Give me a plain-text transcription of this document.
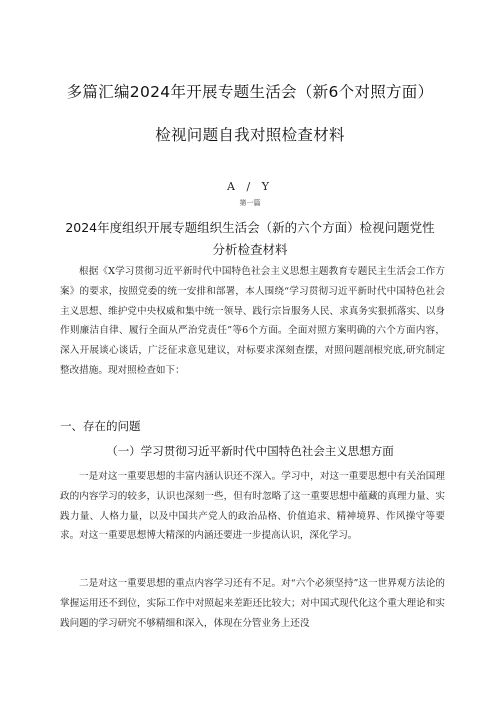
多篇汇编2024年开展专题生活会（新6个对照方面）
检视问题自我对照检查材料
A / Y
第一篇
2024年度组织开展专题组织生活会（新的六个方面）检视问题党性
分析检查材料

根据《X学习贯彻习近平新时代中国特色社会主义思想主题教育专题民主生活会工作方案》的要求，按照党委的统一安排和部署，本人围绕“学习贯彻习近平新时代中国特色社会主义思想、维护党中央权威和集中统一领导、践行宗旨服务人民、求真务实狠抓落实、以身作则廉洁自律、履行全面从严治党责任”等6个方面。全面对照方案明确的六个方面内容，深入开展谈心谈话，广泛征求意见建议，对标要求深刻查摆，对照问题剖根究底,研究制定整改措施。现对照检查如下：

一、存在的问题
（一）学习贯彻习近平新时代中国特色社会主义思想方面

一是对这一重要思想的丰富内涵认识还不深入。学习中，对这一重要思想中有关治国理政的内容学习的较多，认识也深刻一些，但有时忽略了这一重要思想中蕴藏的真理力量、实践力量、人格力量，以及中国共产党人的政治品格、价值追求、精神境界、作风操守等要求。对这一重要思想博大精深的内涵还要进一步提高认识，深化学习。

二是对这一重要思想的重点内容学习还有不足。对“六个必须坚持”这一世界观方法论的掌握运用还不到位，实际工作中对照起来差距还比较大；对中国式现代化这个重大理论和实践问题的学习研究不够精细和深入，体现在分管业务上还没
